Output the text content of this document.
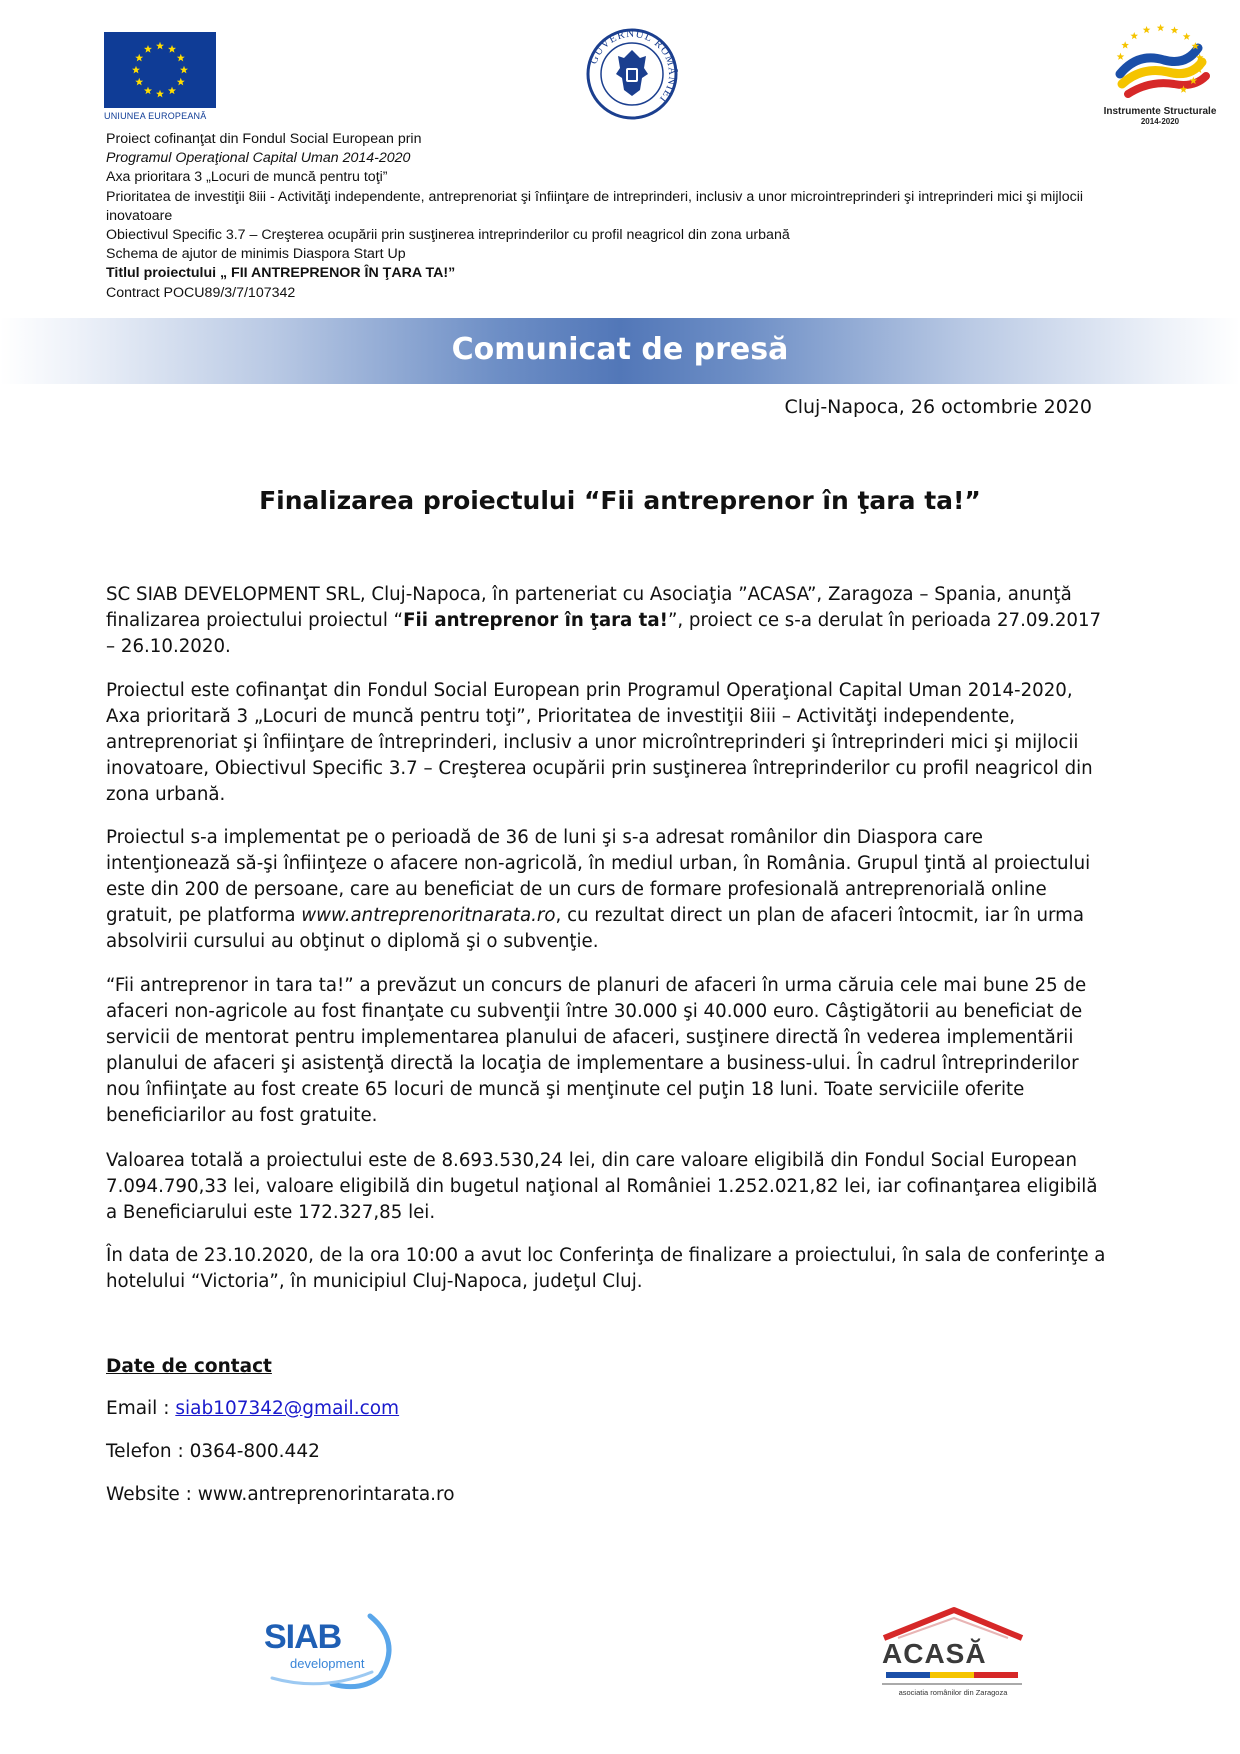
UNIUNEA EUROPEANĂ
GUVERNUL ROMÂNIEI
Instrumente Structurale
2014-2020
Proiect cofinanţat din Fondul Social European prin
Programul Operaţional Capital Uman 2014-2020
Axa prioritara 3 „Locuri de muncă pentru toţi”
Prioritatea de investiţii 8iii - Activităţi independente, antreprenoriat şi înfiinţare de intreprinderi, inclusiv a unor microintreprinderi şi intreprinderi mici şi mijlocii inovatoare
Obiectivul Specific 3.7 – Creşterea ocupării prin susţinerea intreprinderilor cu profil neagricol din zona urbană
Schema de ajutor de minimis Diaspora Start Up
Titlul proiectului „ FII ANTREPRENOR ÎN ŢARA TA!”
Contract POCU89/3/7/107342
Comunicat de presă
Cluj-Napoca, 26 octombrie 2020
Finalizarea proiectului “Fii antreprenor în ţara ta!”

SC SIAB DEVELOPMENT SRL, Cluj-Napoca, în parteneriat cu Asociaţia ”ACASA”, Zaragoza – Spania, anunţă finalizarea proiectului proiectul “Fii antreprenor în ţara ta!”, proiect ce s-a derulat în perioada 27.09.2017 – 26.10.2020.

Proiectul este cofinanţat din Fondul Social European prin Programul Operaţional Capital Uman 2014-2020, Axa prioritară 3 „Locuri de muncă pentru toţi”, Prioritatea de investiţii 8iii – Activităţi independente, antreprenoriat şi înfiinţare de întreprinderi, inclusiv a unor microîntreprinderi şi întreprinderi mici şi mijlocii inovatoare, Obiectivul Specific 3.7 – Creşterea ocupării prin susţinerea întreprinderilor cu profil neagricol din zona urbană.

Proiectul s-a implementat pe o perioadă de 36 de luni şi s-a adresat românilor din Diaspora care intenţionează să-şi înfiinţeze o afacere non-agricolă, în mediul urban, în România. Grupul ţintă al proiectului este din 200 de persoane, care au beneficiat de un curs de formare profesională antreprenorială online gratuit, pe platforma www.antreprenoritnarata.ro, cu rezultat direct un plan de afaceri întocmit, iar în urma absolvirii cursului au obţinut o diplomă şi o subvenţie.

“Fii antreprenor in tara ta!” a prevăzut un concurs de planuri de afaceri în urma căruia cele mai bune 25 de afaceri non-agricole au fost finanţate cu subvenţii între 30.000 şi 40.000 euro. Câştigătorii au beneficiat de servicii de mentorat pentru implementarea planului de afaceri, susţinere directă în vederea implementării planului de afaceri şi asistenţă directă la locaţia de implementare a business-ului. În cadrul întreprinderilor nou înfiinţate au fost create 65 locuri de muncă şi menţinute cel puţin 18 luni. Toate serviciile oferite beneficiarilor au fost gratuite.

Valoarea totală a proiectului este de 8.693.530,24 lei, din care valoare eligibilă din Fondul Social European 7.094.790,33 lei, valoare eligibilă din bugetul naţional al României 1.252.021,82 lei, iar cofinanţarea eligibilă a Beneficiarului este 172.327,85 lei.

În data de 23.10.2020, de la ora 10:00 a avut loc Conferinţa de finalizare a proiectului, în sala de conferinţe a hotelului “Victoria”, în municipiul Cluj-Napoca, judeţul Cluj.

Date de contact
Email : siab107342@gmail.com
Telefon : 0364-800.442
Website : www.antreprenorintarata.ro
SIAB
development	ACASĂ
asociatia românilor din Zaragoza
